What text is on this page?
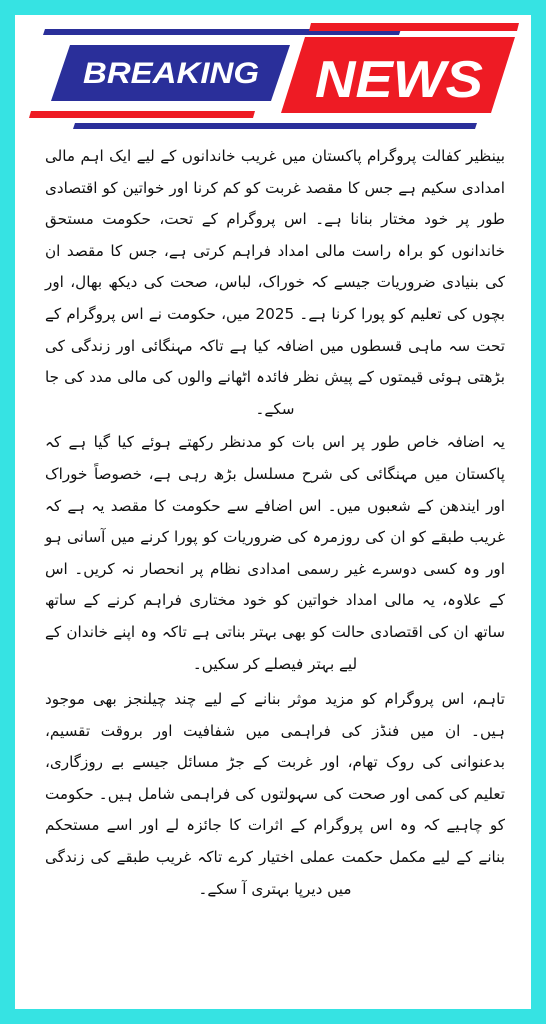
BREAKING NEWS

بینظیر کفالت پروگرام پاکستان میں غریب خاندانوں کے لیے ایک اہم مالی امدادی سکیم ہے جس کا مقصد غربت کو کم کرنا اور خواتین کو اقتصادی طور پر خود مختار بنانا ہے۔ اس پروگرام کے تحت، حکومت مستحق خاندانوں کو براہ راست مالی امداد فراہم کرتی ہے، جس کا مقصد ان کی بنیادی ضروریات جیسے کہ خوراک، لباس، صحت کی دیکھ بھال، اور بچوں کی تعلیم کو پورا کرنا ہے۔ 2025 میں، حکومت نے اس پروگرام کے تحت سہ ماہی قسطوں میں اضافہ کیا ہے تاکہ مہنگائی اور زندگی کی بڑھتی ہوئی قیمتوں کے پیش نظر فائدہ اٹھانے والوں کی مالی مدد کی جا سکے۔

یہ اضافہ خاص طور پر اس بات کو مدنظر رکھتے ہوئے کیا گیا ہے کہ پاکستان میں مہنگائی کی شرح مسلسل بڑھ رہی ہے، خصوصاً خوراک اور ایندھن کے شعبوں میں۔ اس اضافے سے حکومت کا مقصد یہ ہے کہ غریب طبقے کو ان کی روزمرہ کی ضروریات کو پورا کرنے میں آسانی ہو اور وہ کسی دوسرے غیر رسمی امدادی نظام پر انحصار نہ کریں۔ اس کے علاوہ، یہ مالی امداد خواتین کو خود مختاری فراہم کرنے کے ساتھ ساتھ ان کی اقتصادی حالت کو بھی بہتر بناتی ہے تاکہ وہ اپنے خاندان کے لیے بہتر فیصلے کر سکیں۔

تاہم، اس پروگرام کو مزید موثر بنانے کے لیے چند چیلنجز بھی موجود ہیں۔ ان میں فنڈز کی فراہمی میں شفافیت اور بروقت تقسیم، بدعنوانی کی روک تھام، اور غربت کے جڑ مسائل جیسے بے روزگاری، تعلیم کی کمی اور صحت کی سہولتوں کی فراہمی شامل ہیں۔ حکومت کو چاہیے کہ وہ اس پروگرام کے اثرات کا جائزہ لے اور اسے مستحکم بنانے کے لیے مکمل حکمت عملی اختیار کرے تاکہ غریب طبقے کی زندگی میں دیرپا بہتری آ سکے۔
